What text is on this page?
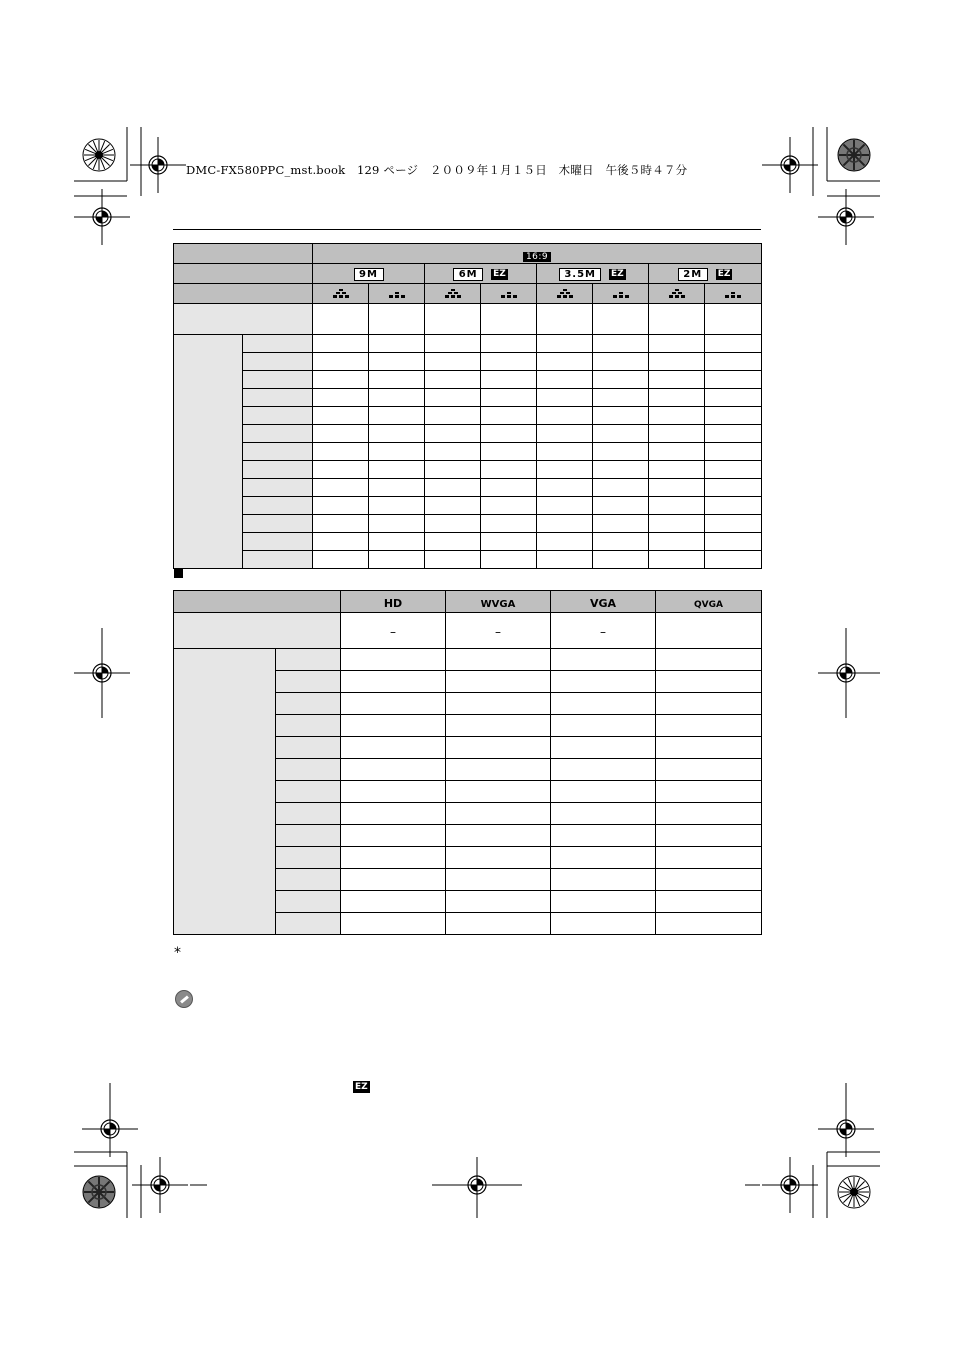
DMC-FX580PPC_mst.book　129 ページ　２００９年１月１５日　木曜日　午後５時４７分
		16:9							
		9M		6M EZ		3.5M EZ		2M EZ	

		HD	WVGA	VGA	QVGA
		–	–	–	

*
EZ
